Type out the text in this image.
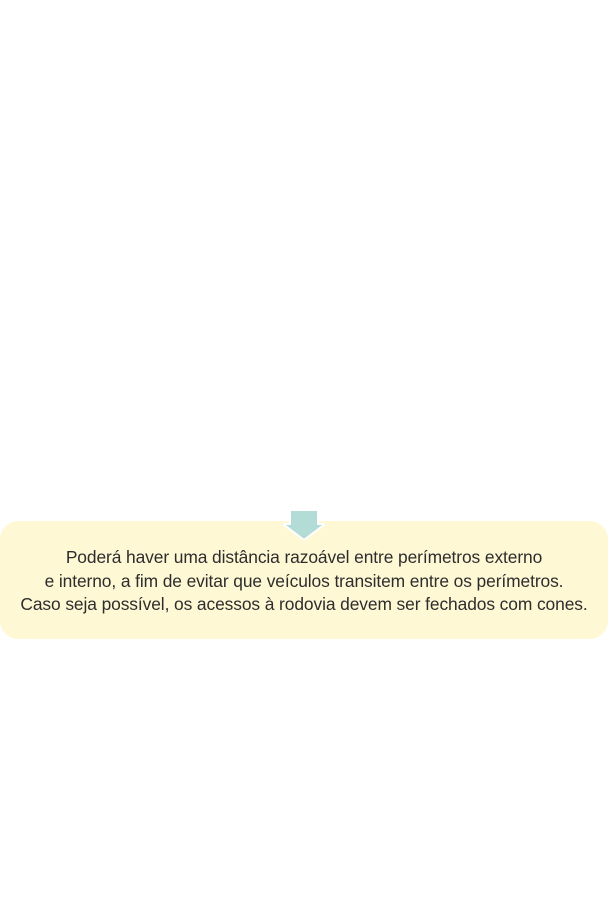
Poderá haver uma distância razoável entre perímetros externo
e interno, a fim de evitar que veículos transitem entre os perímetros.
Caso seja possível, os acessos à rodovia devem ser fechados com cones.
